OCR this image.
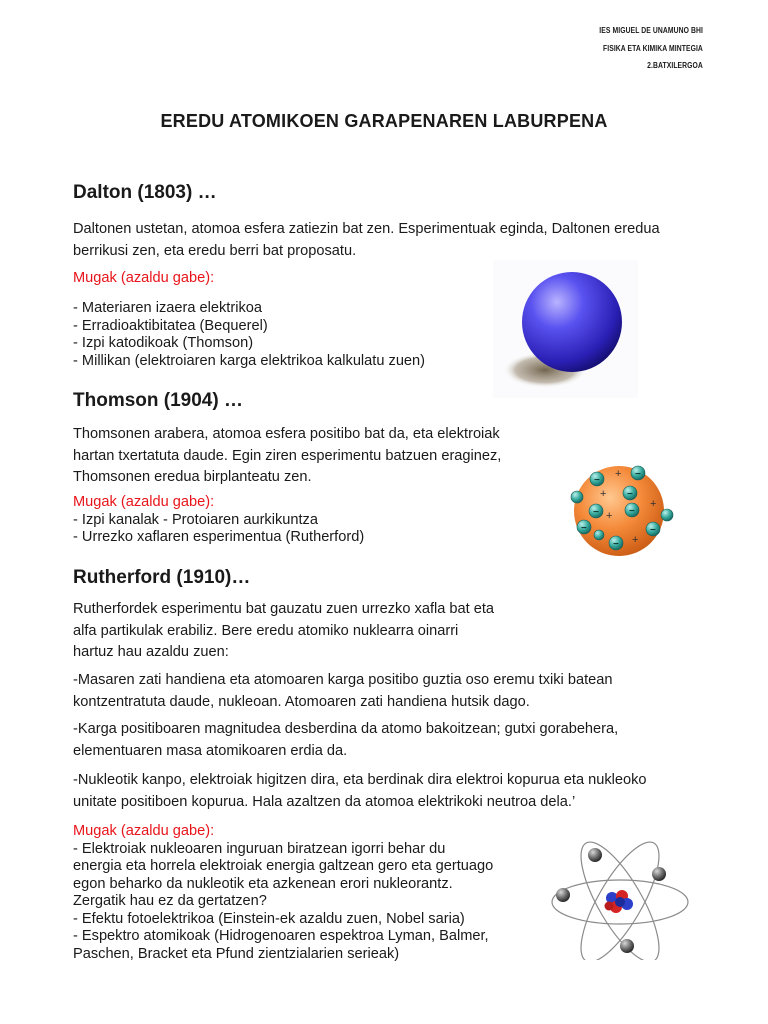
IES MIGUEL DE UNAMUNO BHI
FISIKA ETA KIMIKA MINTEGIA
2.BATXILERGOA
EREDU ATOMIKOEN GARAPENAREN LABURPENA
Dalton (1803) …
Daltonen ustetan, atomoa esfera zatiezin bat zen. Esperimentuak eginda, Daltonen eredua
berrikusi zen, eta eredu berri bat proposatu.
Mugak (azaldu gabe):
- Materiaren izaera elektrikoa
- Erradioaktibitatea (Bequerel)
- Izpi katodikoak (Thomson)
- Millikan (elektroiaren karga elektrikoa kalkulatu zuen)
Thomson (1904) …
Thomsonen arabera, atomoa esfera positibo bat da, eta elektroiak
hartan txertatuta daude. Egin ziren esperimentu batzuen eraginez,
Thomsonen eredua birplanteatu zen.
Mugak (azaldu gabe):
- Izpi kanalak - Protoiaren aurkikuntza
- Urrezko xaflaren esperimentua (Rutherford)
+
+
+
+
+
−
−
−
−	−
−	−
−
Rutherford (1910)…
Rutherfordek esperimentu bat gauzatu zuen urrezko xafla bat eta
alfa partikulak erabiliz. Bere eredu atomiko nuklearra oinarri
hartuz hau azaldu zuen:
-Masaren zati handiena eta atomoaren karga positibo guztia oso eremu txiki batean
kontzentratuta daude, nukleoan. Atomoaren zati handiena hutsik dago.
-Karga positiboaren magnitudea desberdina da atomo bakoitzean; gutxi gorabehera,
elementuaren masa atomikoaren erdia da.
-Nukleotik kanpo, elektroiak higitzen dira, eta berdinak dira elektroi kopurua eta nukleoko
unitate positiboen kopurua. Hala azaltzen da atomoa elektrikoki neutroa dela.’
Mugak (azaldu gabe):
- Elektroiak nukleoaren inguruan biratzean igorri behar du
energia eta horrela elektroiak energia galtzean gero eta gertuago
egon beharko da nukleotik eta azkenean erori nukleorantz.
Zergatik hau ez da gertatzen?
- Efektu fotoelektrikoa (Einstein-ek azaldu zuen, Nobel saria)
- Espektro atomikoak (Hidrogenoaren espektroa Lyman, Balmer,
Paschen, Bracket eta Pfund zientzialarien serieak)
